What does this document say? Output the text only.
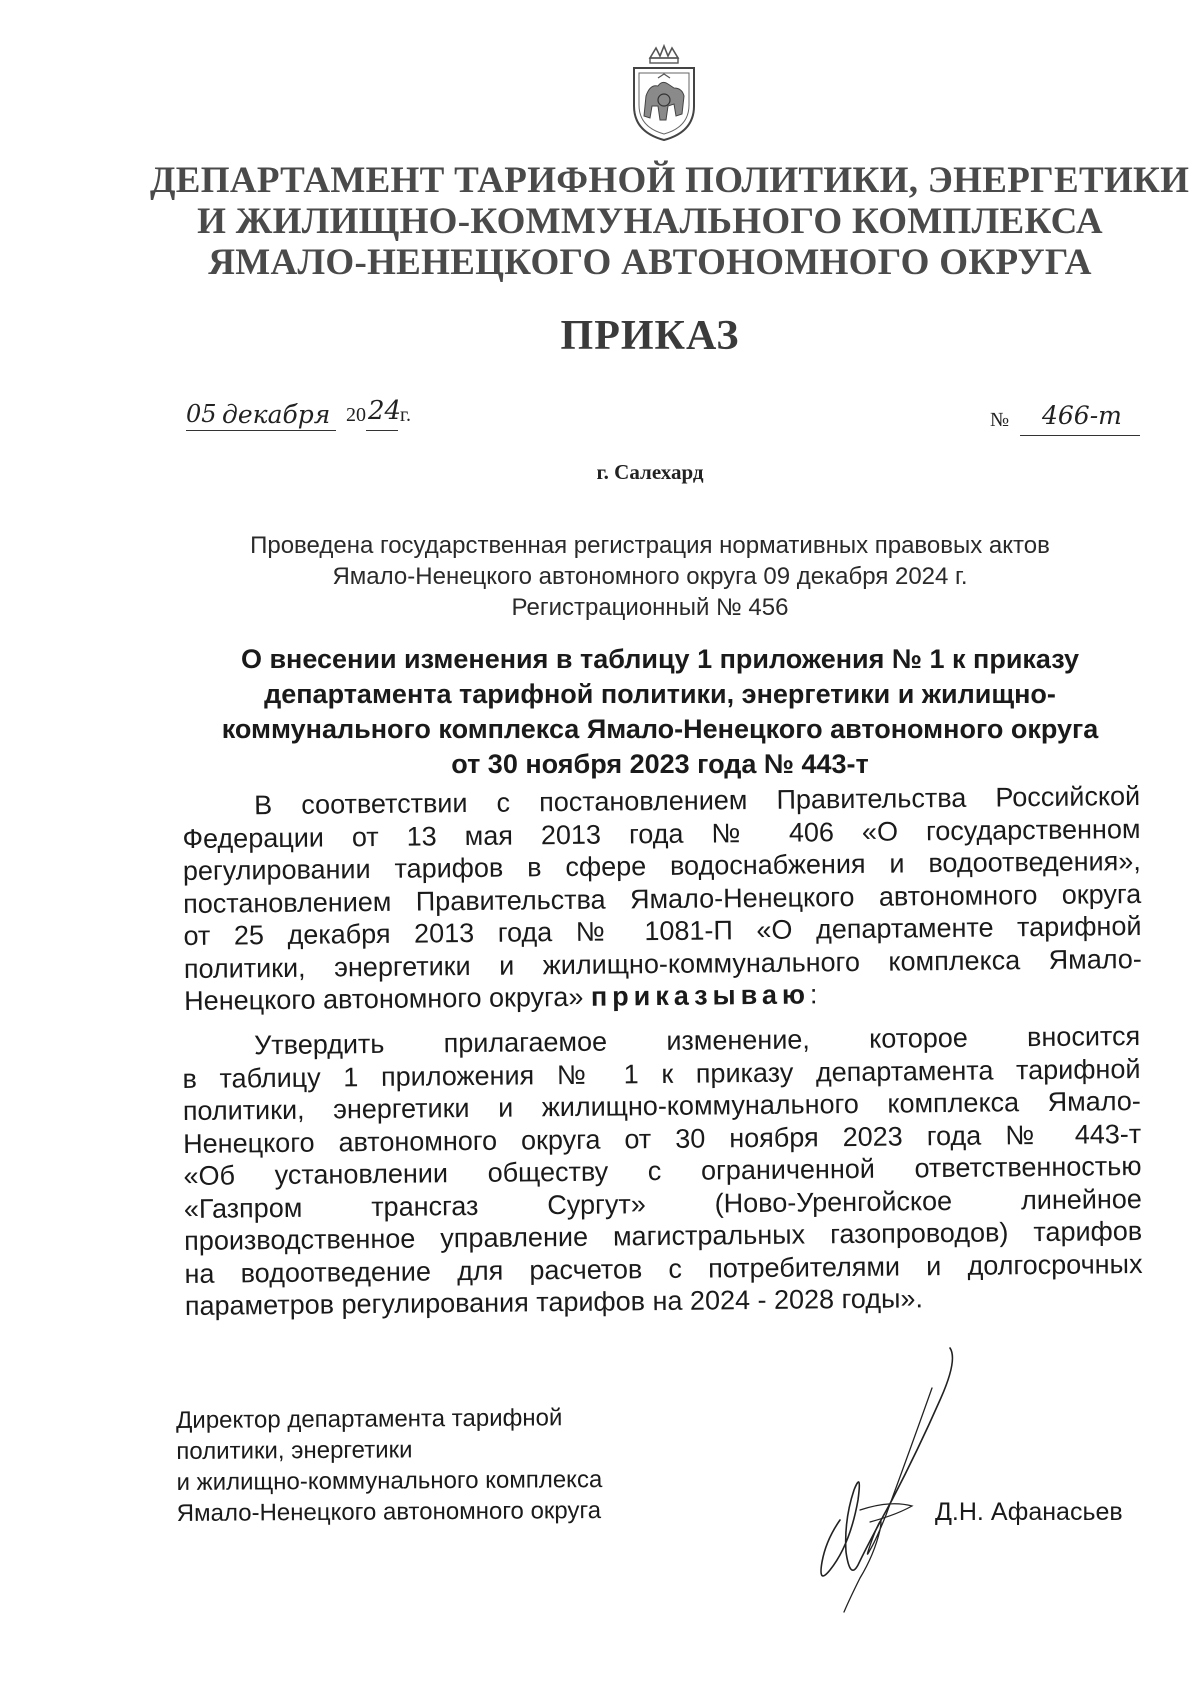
ДЕПАРТАМЕНТ ТАРИФНОЙ ПОЛИТИКИ, ЭНЕРГЕТИКИ
И ЖИЛИЩНО-КОММУНАЛЬНОГО КОМПЛЕКСА
ЯМАЛО-НЕНЕЦКОГО АВТОНОМНОГО ОКРУГА
ПРИКАЗ
05 декабря 20 24
г.	№ 466-т
г. Салехард
Проведена государственная регистрация нормативных правовых актов
Ямало-Ненецкого автономного округа 09 декабря 2024 г.
Регистрационный № 456
О внесении изменения в таблицу 1 приложения № 1 к приказу
департамента тарифной политики, энергетики и жилищно-
коммунального комплекса Ямало-Ненецкого автономного округа
от 30 ноября 2023 года № 443-т
В соответствии с постановлением Правительства Российской
Федерации от 13 мая 2013 года № 406 «О государственном
регулировании тарифов в сфере водоснабжения и водоотведения»,
постановлением Правительства Ямало-Ненецкого автономного округа
от 25 декабря 2013 года № 1081-П «О департаменте тарифной
политики, энергетики и жилищно-коммунального комплекса Ямало-
Ненецкого автономного округа» приказываю:
Утвердить прилагаемое изменение, которое вносится
в таблицу 1 приложения № 1 к приказу департамента тарифной
политики, энергетики и жилищно-коммунального комплекса Ямало-
Ненецкого автономного округа от 30 ноября 2023 года № 443-т
«Об установлении обществу с ограниченной ответственностью
«Газпром трансгаз Сургут» (Ново-Уренгойское линейное
производственное управление магистральных газопроводов) тарифов
на водоотведение для расчетов с потребителями и долгосрочных
параметров регулирования тарифов на 2024 - 2028 годы».
Директор департамента тарифной
политики, энергетики
и жилищно-коммунального комплекса
Ямало-Ненецкого автономного округа	Д.Н. Афанасьев
